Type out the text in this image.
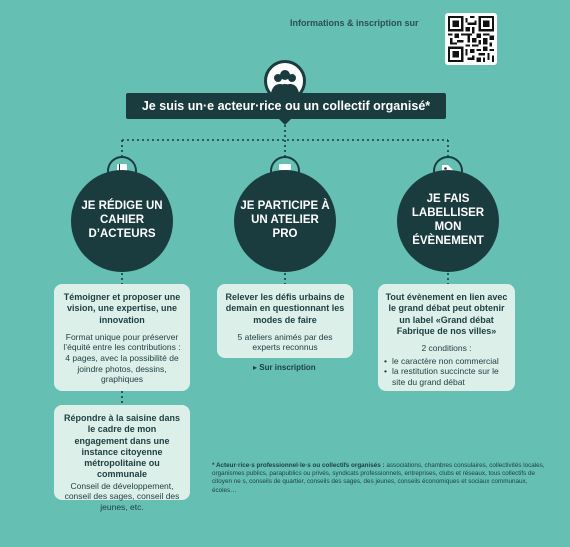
Informations & inscription sur
Je suis un·e acteur·rice ou un collectif organisé*
JE RÉDIGE UN CAHIER D’ACTEURS
Témoigner et proposer une vision, une expertise, une innovation
Format unique pour préserver l’équité entre les contributions : 4 pages, avec la possibilité de joindre photos, dessins, graphiques
Répondre à la saisine dans le cadre de mon engagement dans une instance citoyenne métropolitaine ou communale
Conseil de développement, conseil des sages, conseil des jeunes, etc.
JE PARTICIPE À UN ATELIER PRO
Relever les défis urbains de demain en questionnant les modes de faire
5 ateliers animés par des experts reconnus
▸ Sur inscription
JE FAIS LABELLISER MON ÉVÈNEMENT
Tout évènement en lien avec le grand débat peut obtenir un label «Grand débat Fabrique de nos villes»
2 conditions :
• le caractère non commercial
• la restitution succincte sur le site du grand débat
* Acteur·rice·s professionnel·le·s ou collectifs organisés : associations, chambres consulaires, collectivités locales, organismes publics, parapublics ou privés, syndicats professionnels, entreprises, clubs et réseaux, tous collectifs de citoyen ne s, conseils de quartier, conseils des sages, des jeunes, conseils économiques et sociaux communaux, écoles…
